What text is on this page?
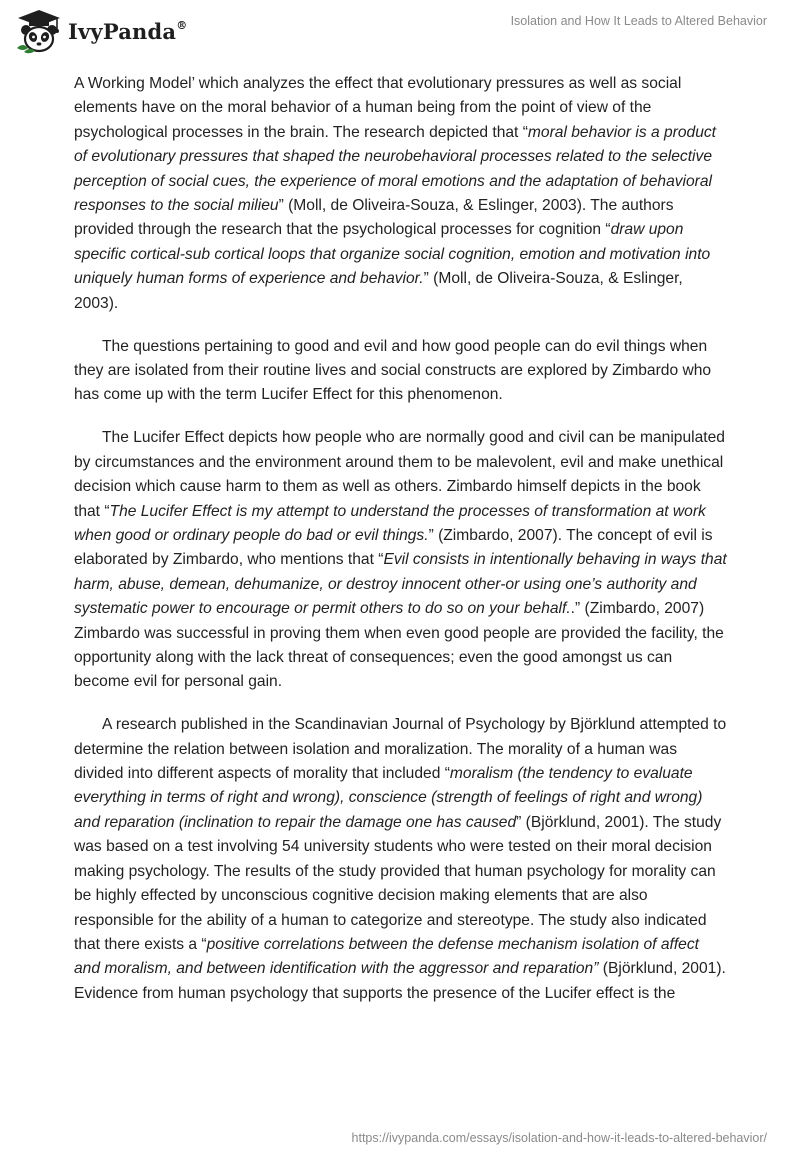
IvyPanda®	Isolation and How It Leads to Altered Behavior

A Working Model’ which analyzes the effect that evolutionary pressures as well as social elements have on the moral behavior of a human being from the point of view of the psychological processes in the brain. The research depicted that “moral behavior is a product of evolutionary pressures that shaped the neurobehavioral processes related to the selective perception of social cues, the experience of moral emotions and the adaptation of behavioral responses to the social milieu” (Moll, de Oliveira-Souza, & Eslinger, 2003). The authors provided through the research that the psychological processes for cognition “draw upon specific cortical-sub cortical loops that organize social cognition, emotion and motivation into uniquely human forms of experience and behavior.” (Moll, de Oliveira-Souza, & Eslinger, 2003).

The questions pertaining to good and evil and how good people can do evil things when they are isolated from their routine lives and social constructs are explored by Zimbardo who has come up with the term Lucifer Effect for this phenomenon.

The Lucifer Effect depicts how people who are normally good and civil can be manipulated by circumstances and the environment around them to be malevolent, evil and make unethical decision which cause harm to them as well as others. Zimbardo himself depicts in the book that “The Lucifer Effect is my attempt to understand the processes of transformation at work when good or ordinary people do bad or evil things.” (Zimbardo, 2007). The concept of evil is elaborated by Zimbardo, who mentions that “Evil consists in intentionally behaving in ways that harm, abuse, demean, dehumanize, or destroy innocent other-or using one’s authority and systematic power to encourage or permit others to do so on your behalf..” (Zimbardo, 2007) Zimbardo was successful in proving them when even good people are provided the facility, the opportunity along with the lack threat of consequences; even the good amongst us can become evil for personal gain.

A research published in the Scandinavian Journal of Psychology by Björklund attempted to determine the relation between isolation and moralization. The morality of a human was divided into different aspects of morality that included “moralism (the tendency to evaluate everything in terms of right and wrong), conscience (strength of feelings of right and wrong) and reparation (inclination to repair the damage one has caused” (Björklund, 2001). The study was based on a test involving 54 university students who were tested on their moral decision making psychology. The results of the study provided that human psychology for morality can be highly effected by unconscious cognitive decision making elements that are also responsible for the ability of a human to categorize and stereotype. The study also indicated that there exists a “positive correlations between the defense mechanism isolation of affect and moralism, and between identification with the aggressor and reparation” (Björklund, 2001). Evidence from human psychology that supports the presence of the Lucifer effect is the

https://ivypanda.com/essays/isolation-and-how-it-leads-to-altered-behavior/
